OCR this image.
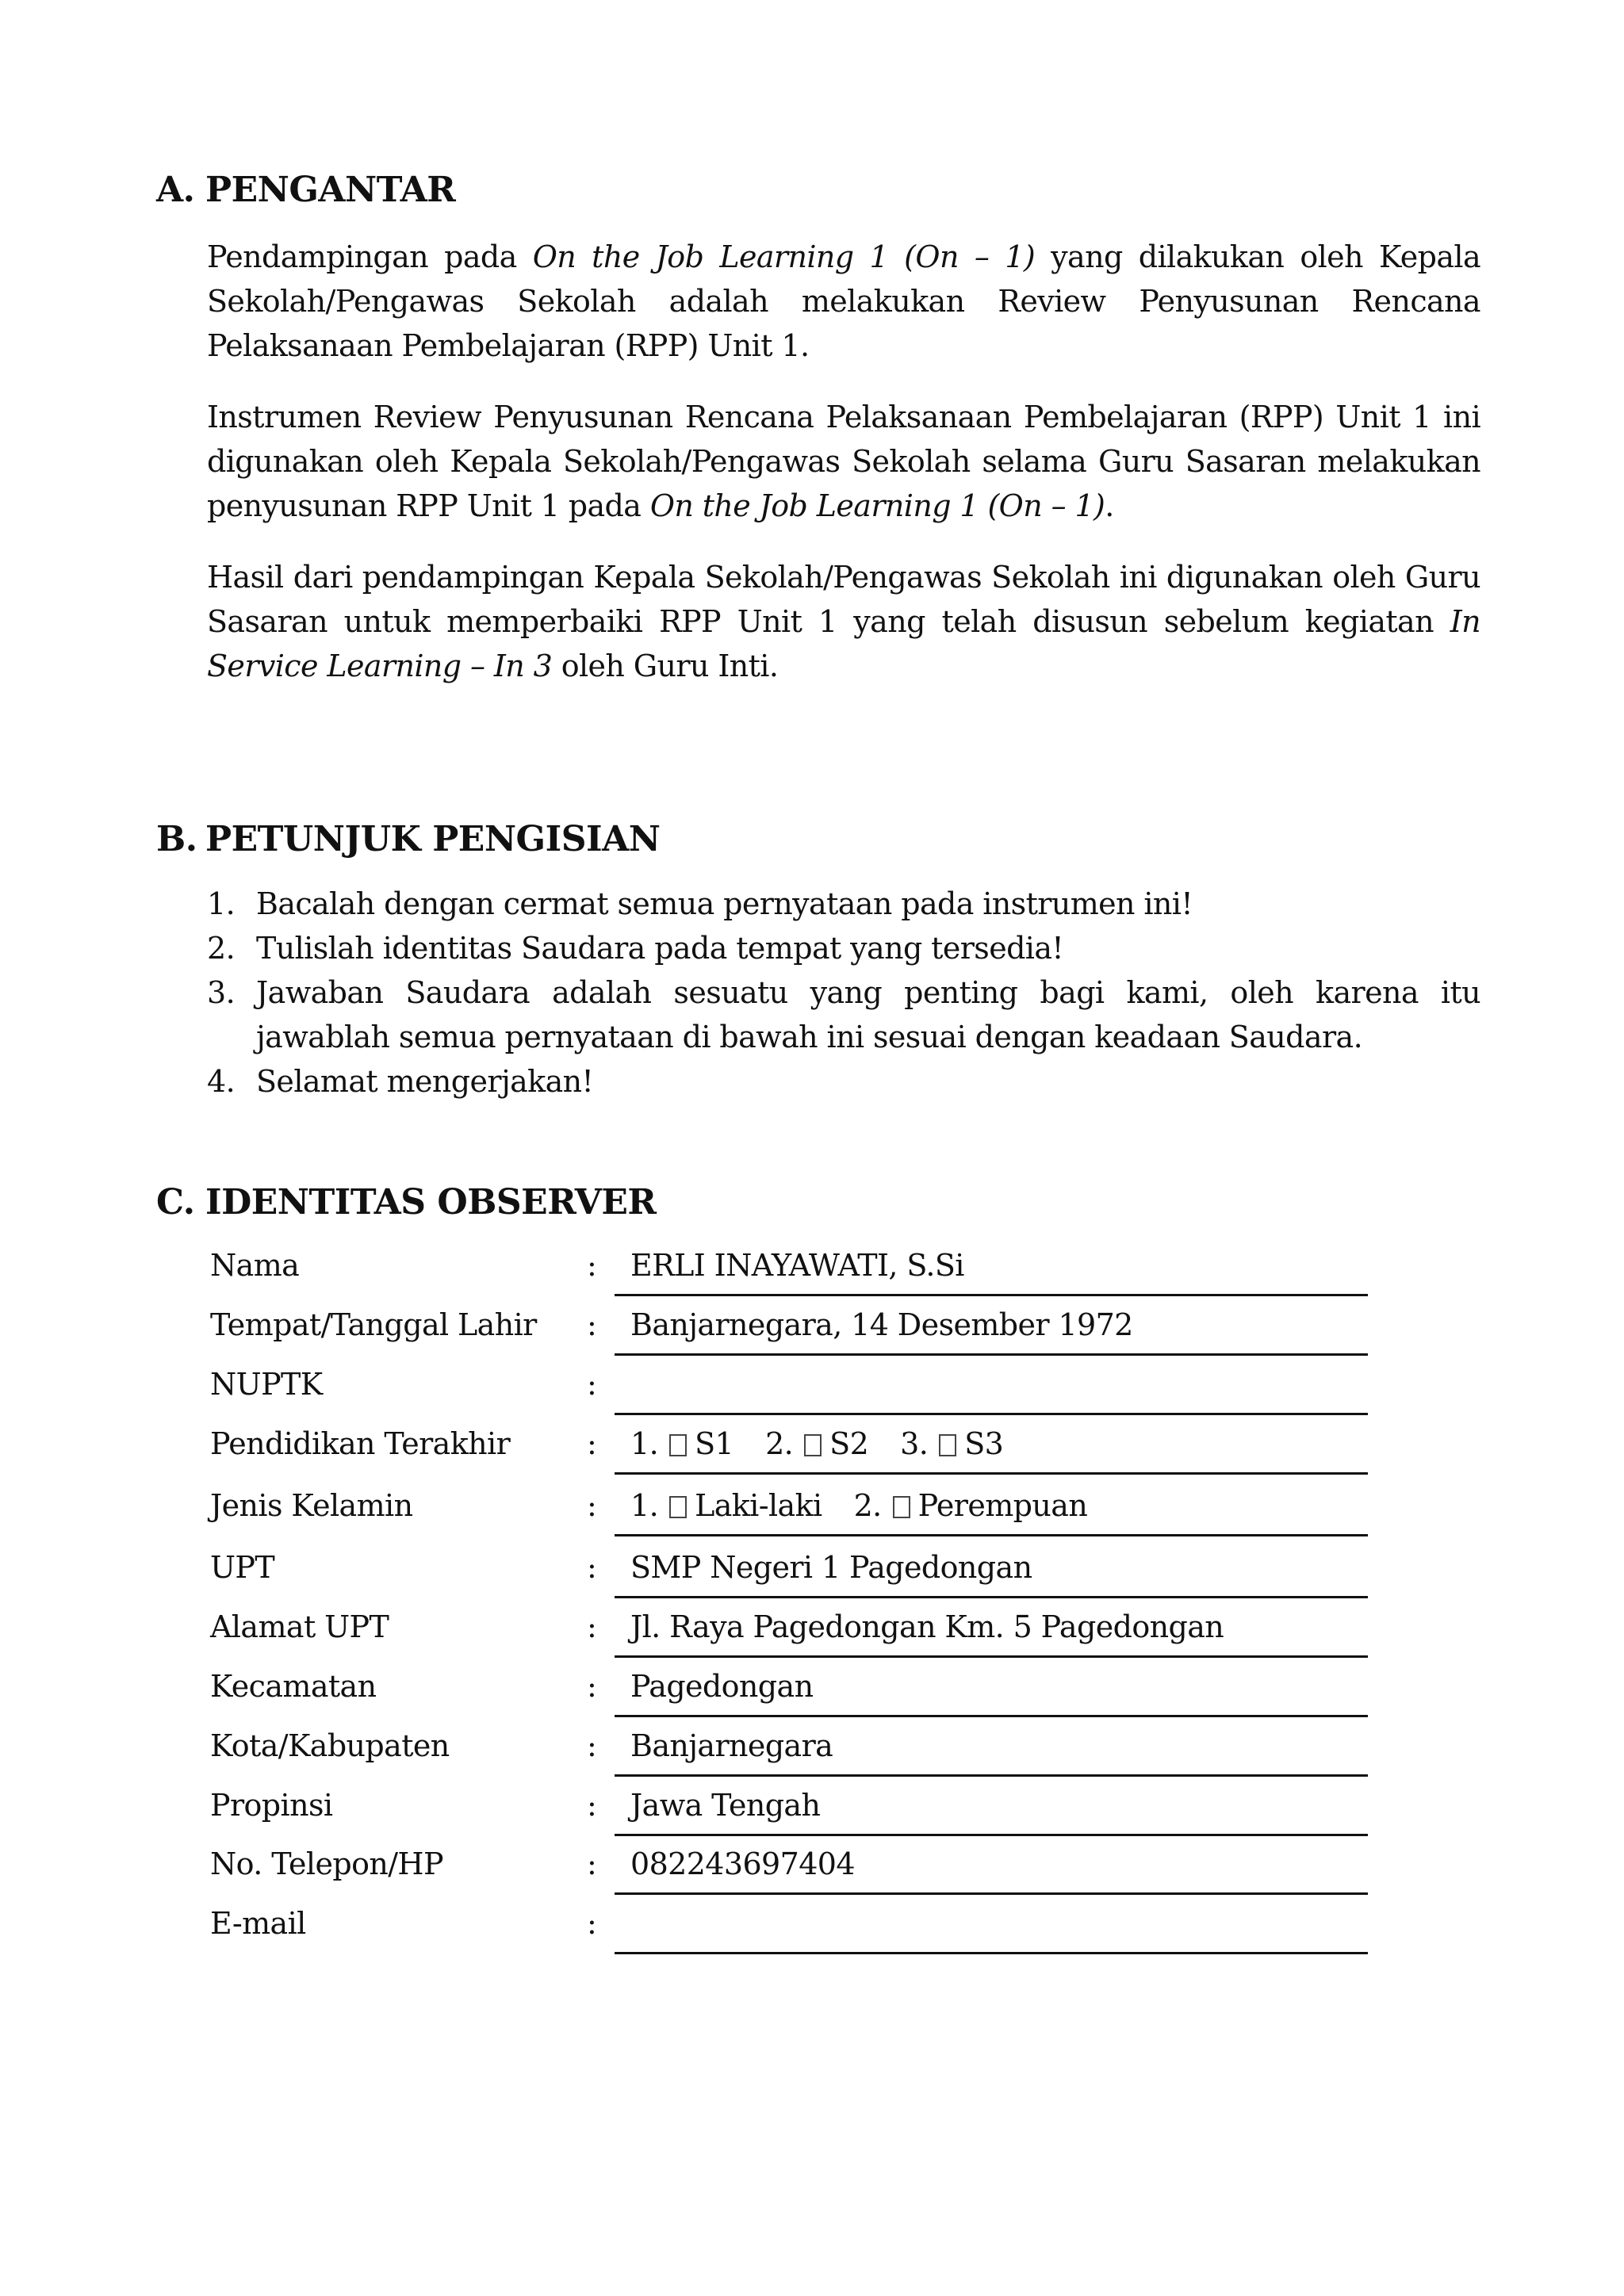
A. PENGANTAR

Pendampingan pada On the Job Learning 1 (On – 1) yang dilakukan oleh Kepala Sekolah/Pengawas Sekolah adalah melakukan Review Penyusunan Rencana Pelaksanaan Pembelajaran (RPP) Unit 1.

Instrumen Review Penyusunan Rencana Pelaksanaan Pembelajaran (RPP) Unit 1 ini digunakan oleh Kepala Sekolah/Pengawas Sekolah selama Guru Sasaran melakukan penyusunan RPP Unit 1 pada On the Job Learning 1 (On – 1).

Hasil dari pendampingan Kepala Sekolah/Pengawas Sekolah ini digunakan oleh Guru Sasaran untuk memperbaiki RPP Unit 1 yang telah disusun sebelum kegiatan In Service Learning – In 3 oleh Guru Inti.

B. PETUNJUK PENGISIAN
1. Bacalah dengan cermat semua pernyataan pada instrumen ini!
2. Tulislah identitas Saudara pada tempat yang tersedia!
3. Jawaban Saudara adalah sesuatu yang penting bagi kami, oleh karena itu jawablah semua pernyataan di bawah ini sesuai dengan keadaan Saudara.
4. Selamat mengerjakan!
C. IDENTITAS OBSERVER
Nama	: ERLI INAYAWATI, S.Si
Tempat/Tanggal Lahir : Banjarnegara, 14 Desember 1972
NUPTK	:
Pendidikan Terakhir	: 1. S1 2. S2 3. S3
Jenis Kelamin	: 1. Laki-laki 2. Perempuan
UPT	: SMP Negeri 1 Pagedongan
Alamat UPT	: Jl. Raya Pagedongan Km. 5 Pagedongan
Kecamatan	: Pagedongan
Kota/Kabupaten	: Banjarnegara
Propinsi	: Jawa Tengah
No. Telepon/HP	: 082243697404
E-mail	:
